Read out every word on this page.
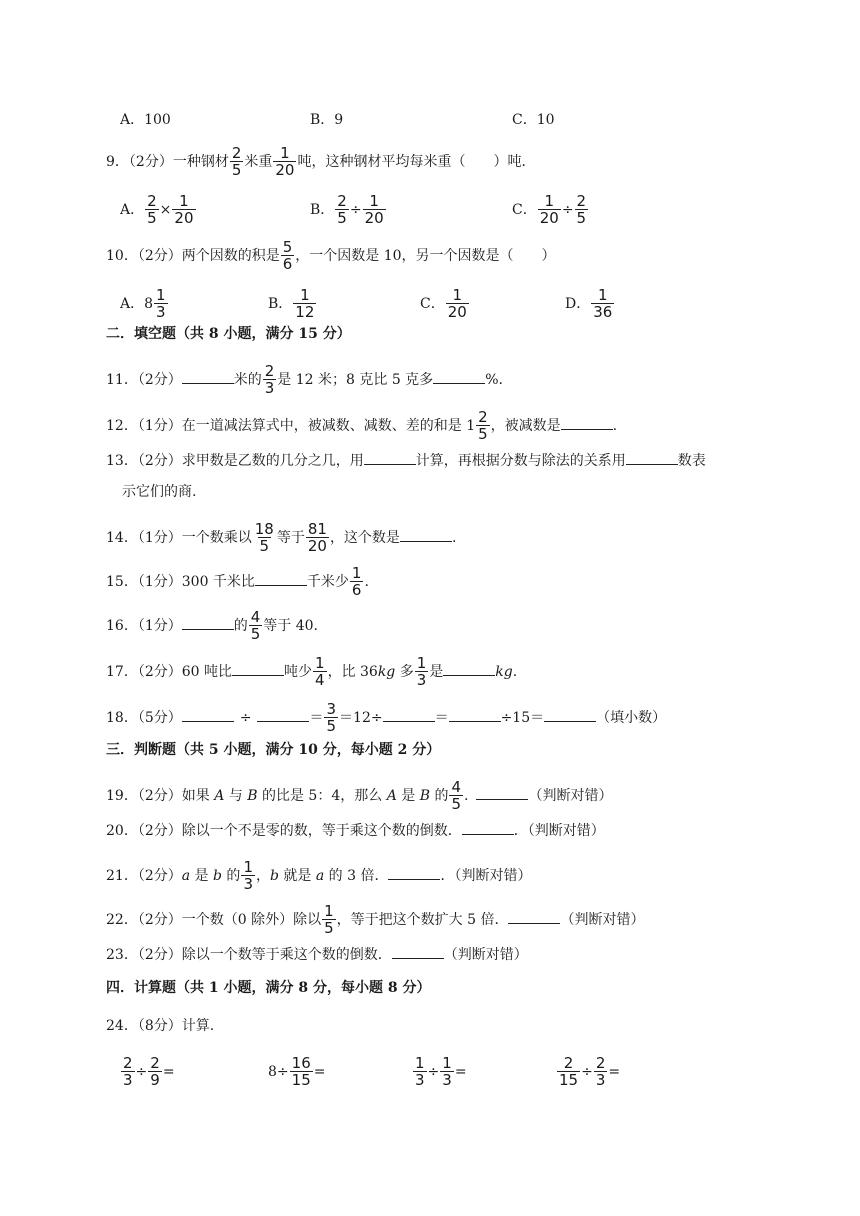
A．100	B．9	C．10
9．（2分）一种钢材 $\frac{2}{5}$ 米重 $\frac{1}{20}$ 吨，这种钢材平均每米重（　　）吨．
A． $\frac{2}{5} \times \frac{1}{20}$	B． $\frac{2}{5} \div \frac{1}{20}$	C． $\frac{1}{20} \div \frac{2}{5}$
10．（2分）两个因数的积是 $\frac{5}{6}$ ，一个因数是 10，另一个因数是（　　）
A． $8 \frac{1}{3}$	B． $\frac{1}{12}$	C． $\frac{1}{20}$	D． $\frac{1}{36}$
二．填空题（共 8 小题，满分 15 分）
11．（2分）	米的 $\frac{2}{3}$ 是 12 米；8 克比 5 克多	%.
12．（1分）在一道减法算式中，被减数、减数、差的和是 $1 \frac{2}{5}$ ，被减数是	.
13．（2分）求甲数是乙数的几分之几，用	计算，再根据分数与除法的关系用	数表
示它们的商.
14．（1分）一个数乘以 $\frac{18}{5}$ 等于 $\frac{81}{20}$ ，这个数是	.
15．（1分）300 千米比	千米少 $\frac{1}{6}$ .
16．（1分）	的 $\frac{4}{5}$ 等于 40.
17．（2分）60 吨比	吨少 $\frac{1}{4}$ ，比 36kg 多 $\frac{1}{3}$ 是	kg.
18．（5分）	÷	＝ $\frac{3}{5} =12\div$	＝	÷15＝	（填小数）
三．判断题（共 5 小题，满分 10 分，每小题 2 分）
19．（2分）如果 A 与 B 的比是 5：4，那么 A 是 B 的 $\frac{4}{5}$ .	（判断对错）
20．（2分）除以一个不是零的数，等于乘这个数的倒数．	．（判断对错）
21．（2分）a 是 b 的 $\frac{1}{3}$ ，b 就是 a 的 3 倍．	．（判断对错）
22．（2分）一个数（0 除外）除以 $\frac{1}{5}$ ，等于把这个数扩大 5 倍．	（判断对错）
23．（2分）除以一个数等于乘这个数的倒数．	（判断对错）
四．计算题（共 1 小题，满分 8 分，每小题 8 分）
24．（8分）计算.
$\frac{2}{3} \div \frac{2}{9}$ =	$8\div \frac{16}{15}$ =	$\frac{1}{3} \div \frac{1}{3}$ =	$\frac{2}{15} \div \frac{2}{3}$ =
